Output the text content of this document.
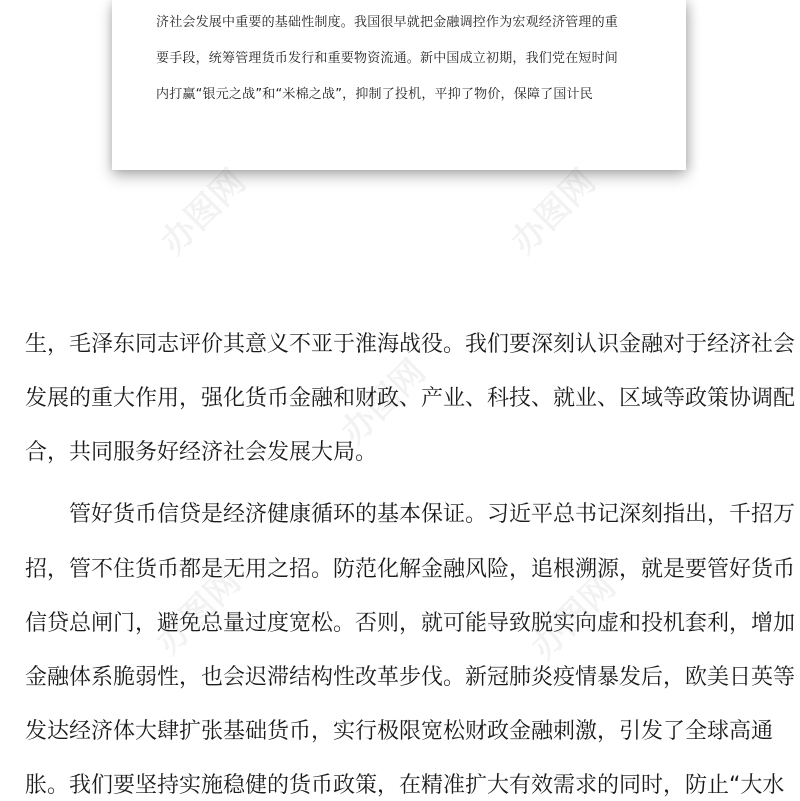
济社会发展中重要的基础性制度。我国很早就把金融调控作为宏观经济管理的重
要手段，统筹管理货币发行和重要物资流通。新中国成立初期，我们党在短时间
内打赢“银元之战”和“米棉之战”，抑制了投机，平抑了物价，保障了国计民
办图网	办图网
办图网
办图网	办图网
生，毛泽东同志评价其意义不亚于淮海战役。我们要深刻认识金融对于经济社会
发展的重大作用，强化货币金融和财政、产业、科技、就业、区域等政策协调配
合，共同服务好经济社会发展大局。
　　管好货币信贷是经济健康循环的基本保证。习近平总书记深刻指出，千招万
招，管不住货币都是无用之招。防范化解金融风险，追根溯源，就是要管好货币
信贷总闸门，避免总量过度宽松。否则，就可能导致脱实向虚和投机套利，增加
金融体系脆弱性，也会迟滞结构性改革步伐。新冠肺炎疫情暴发后，欧美日英等
发达经济体大肆扩张基础货币，实行极限宽松财政金融刺激，引发了全球高通
胀。我们要坚持实施稳健的货币政策，在精准扩大有效需求的同时，防止“大水
